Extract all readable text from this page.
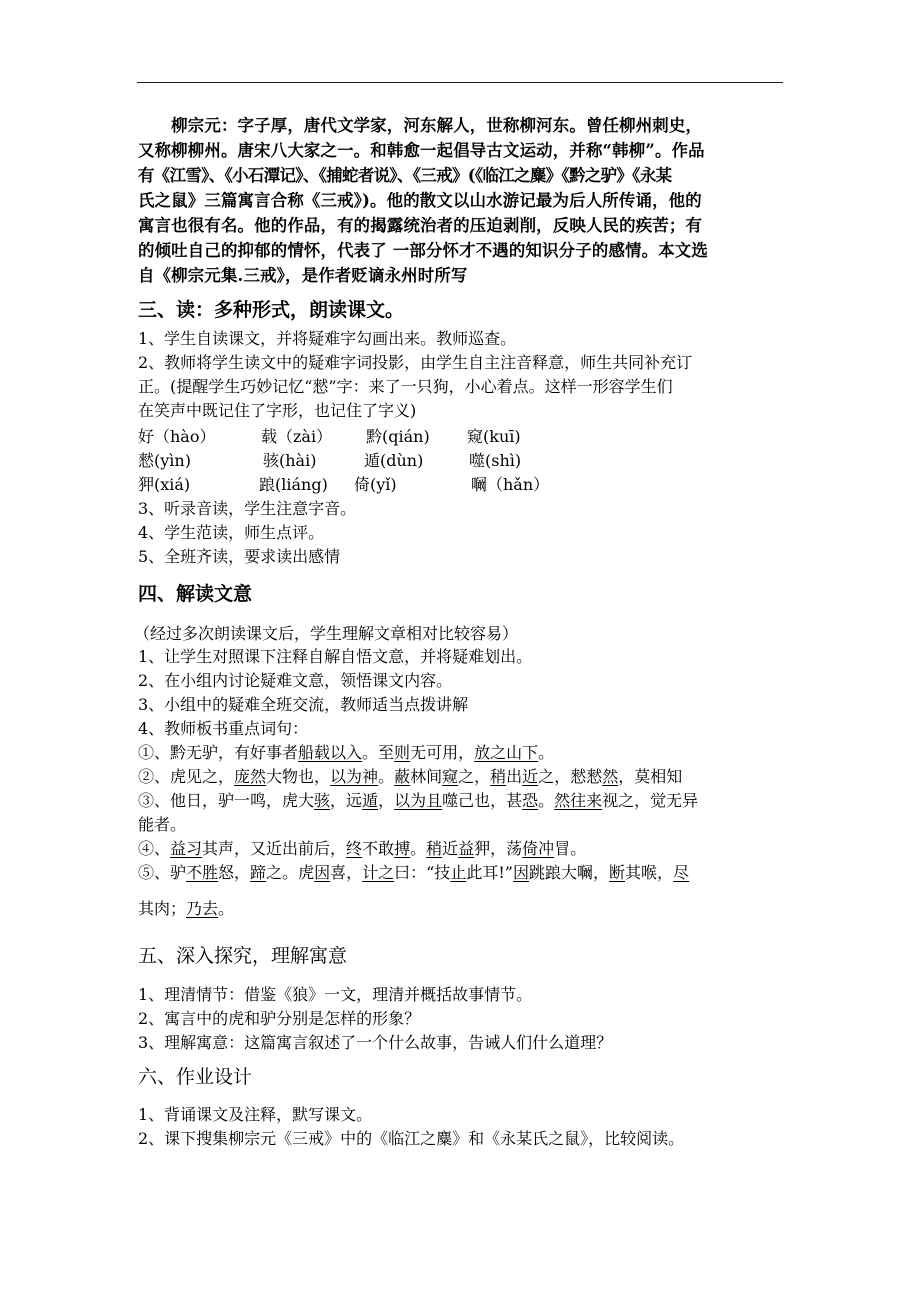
　　柳宗元：字子厚，唐代文学家，河东解人，世称柳河东。曾任柳州刺史，
又称柳柳州。唐宋八大家之一。和韩愈一起倡导古文运动，并称“韩柳”。作品
有《江雪》、《小石潭记》、《捕蛇者说》、《三戒》(《临江之麋》《黔之驴》《永某
氏之鼠》三篇寓言合称《三戒》)。他的散文以山水游记最为后人所传诵，他的
寓言也很有名。他的作品，有的揭露统治者的压迫剥削，反映人民的疾苦；有
的倾吐自己的抑郁的情怀，代表了 一部分怀才不遇的知识分子的感情。本文选
自《柳宗元集.三戒》，是作者贬谪永州时所写
三、读：多种形式，朗读课文。
1、学生自读课文，并将疑难字勾画出来。教师巡查。
2、教师将学生读文中的疑难字词投影，由学生自主注音释意，师生共同补充订
正。(提醒学生巧妙记忆“憖”字：来了一只狗，小心着点。这样一形容学生们
在笑声中既记住了字形，也记住了字义)
好（hào）	载（zài） 黔(qián) 窥(kuī)
憖(yìn)	骇(hài)	遁(dùn)	噬(shì)
狎(xiá)	踉(liáng) 倚(yǐ)	㘎（hǎn）
3、听录音读，学生注意字音。
4、学生范读，师生点评。
5、全班齐读，要求读出感情
四、解读文意
（经过多次朗读课文后，学生理解文章相对比较容易）
1、让学生对照课下注释自解自悟文意，并将疑难划出。
2、在小组内讨论疑难文意，领悟课文内容。
3、小组中的疑难全班交流，教师适当点拨讲解
4、教师板书重点词句：
①、黔无驴，有好事者船载以入。至则无可用，放之山下。
②、虎见之，庞然大物也，以为神。蔽林间窥之，稍出近之，憖憖然，莫相知
③、他日，驴一鸣，虎大骇，远遁，以为且噬己也，甚恐。然往来视之，觉无异
能者。
④、益习其声，又近出前后，终不敢搏。稍近益狎，荡倚冲冒。
⑤、驴不胜怒，蹄之。虎因喜，计之曰：“技止此耳!”因跳踉大㘎，断其喉，尽
其肉；乃去。
五、深入探究，理解寓意
1、理清情节：借鉴《狼》一文，理清并概括故事情节。
2、寓言中的虎和驴分别是怎样的形象？
3、理解寓意：这篇寓言叙述了一个什么故事，告诫人们什么道理？
六、作业设计
1、背诵课文及注释，默写课文。
2、课下搜集柳宗元《三戒》中的《临江之麋》和《永某氏之鼠》，比较阅读。
